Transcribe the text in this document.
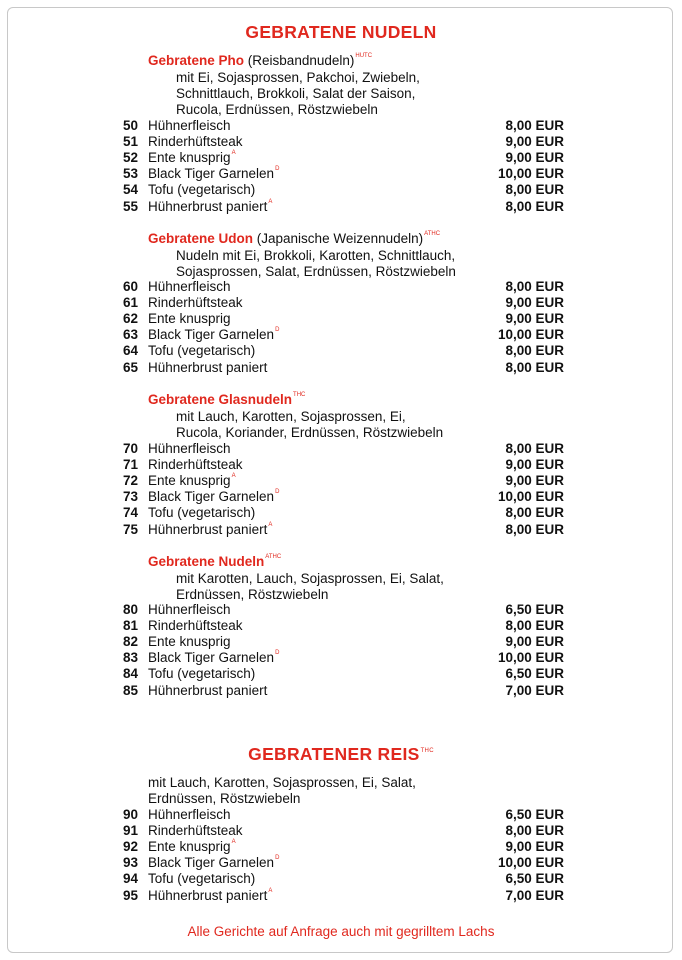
GEBRATENE NUDELN
Gebratene Pho (Reisbandnudeln)$^{HUTC}$
mit Ei, Sojasprossen, Pakchoi, Zwiebeln,
Schnittlauch, Brokkoli, Salat der Saison,
Rucola, Erdnüssen, Röstzwiebeln
50 Hühnerfleisch	8,00 EUR
51 Rinderhüftsteak	9,00 EUR
52 Ente knusprig$^A$	9,00 EUR
53 Black Tiger Garnelen$^D$	10,00 EUR
54 Tofu (vegetarisch)	8,00 EUR
55 Hühnerbrust paniert$^A$	8,00 EUR
Gebratene Udon (Japanische Weizennudeln)$^{ATHC}$
Nudeln mit Ei, Brokkoli, Karotten, Schnittlauch,
Sojasprossen, Salat, Erdnüssen, Röstzwiebeln
60 Hühnerfleisch	8,00 EUR
61 Rinderhüftsteak	9,00 EUR
62 Ente knusprig	9,00 EUR
63 Black Tiger Garnelen$^D$	10,00 EUR
64 Tofu (vegetarisch)	8,00 EUR
65 Hühnerbrust paniert	8,00 EUR
Gebratene Glasnudeln$^{THC}$
mit Lauch, Karotten, Sojasprossen, Ei,
Rucola, Koriander, Erdnüssen, Röstzwiebeln
70 Hühnerfleisch	8,00 EUR
71 Rinderhüftsteak	9,00 EUR
72 Ente knusprig$^A$	9,00 EUR
73 Black Tiger Garnelen$^D$	10,00 EUR
74 Tofu (vegetarisch)	8,00 EUR
75 Hühnerbrust paniert$^A$	8,00 EUR
Gebratene Nudeln$^{ATHC}$
mit Karotten, Lauch, Sojasprossen, Ei, Salat,
Erdnüssen, Röstzwiebeln
80 Hühnerfleisch	6,50 EUR
81 Rinderhüftsteak	8,00 EUR
82 Ente knusprig	9,00 EUR
83 Black Tiger Garnelen$^D$	10,00 EUR
84 Tofu (vegetarisch)	6,50 EUR
85 Hühnerbrust paniert	7,00 EUR
GEBRATENER $REIS^{THC}$
mit Lauch, Karotten, Sojasprossen, Ei, Salat,
Erdnüssen, Röstzwiebeln
90 Hühnerfleisch	6,50 EUR
91 Rinderhüftsteak	8,00 EUR
92 Ente knusprig$^A$	9,00 EUR
93 Black Tiger Garnelen$^D$	10,00 EUR
94 Tofu (vegetarisch)	6,50 EUR
95 Hühnerbrust paniert$^A$	7,00 EUR
Alle Gerichte auf Anfrage auch mit gegrilltem Lachs
